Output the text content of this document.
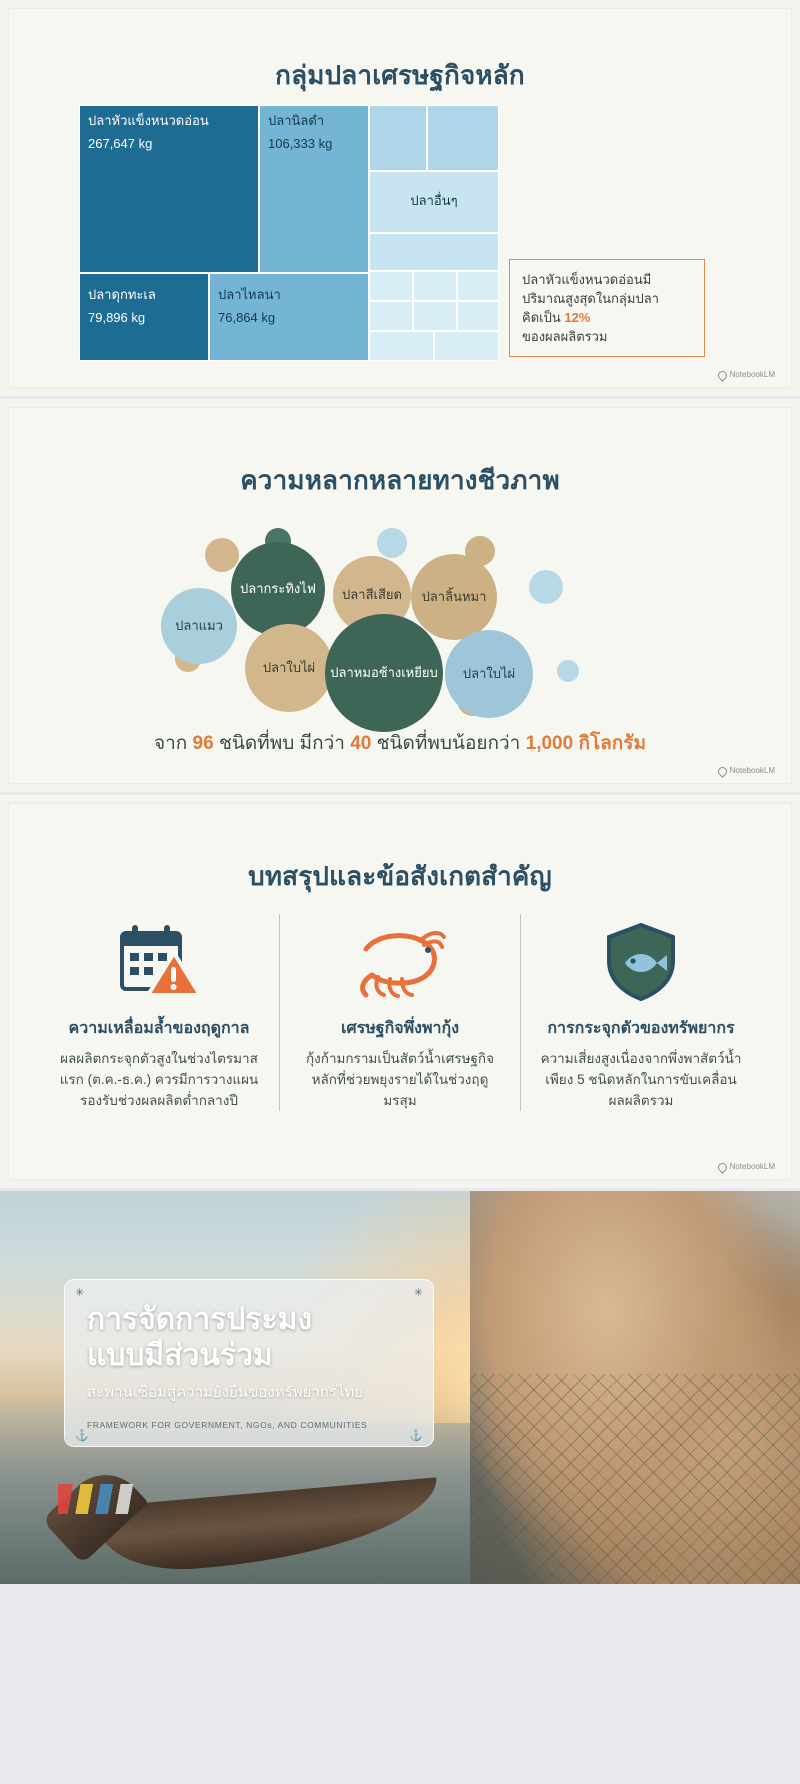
กลุ่มปลาเศรษฐกิจหลัก
ปลาหัวแข็งหนวดอ่อน
267,647 kg
ปลานิลดำ
106,333 kg
ปลาดุกทะเล
79,896 kg
ปลาไหลนา
76,864 kg
ปลาอื่นๆ
ปลาหัวแข็งหนวดอ่อนมี
ปริมาณสูงสุดในกลุ่มปลา
คิดเป็น 12%
ของผลผลิตรวม
NotebookLM
ความหลากหลายทางชีวภาพ
ปลากระทิงไฟ ปลาสีเสียด ปลาลิ้นหมา
ปลาแมว
ปลาใบไผ่ ปลาหมอช้างเหยียบ ปลาใบไผ่
จาก 96 ชนิดที่พบ มีกว่า 40 ชนิดที่พบน้อยกว่า 1,000 กิโลกรัม
NotebookLM
บทสรุปและข้อสังเกตสำคัญ
ความเหลื่อมล้ำของฤดูกาล
ผลผลิตกระจุกตัวสูงในช่วงไตรมาสแรก (ต.ค.-ธ.ค.) ควรมีการวางแผนรองรับช่วงผลผลิตต่ำกลางปี
เศรษฐกิจพึ่งพากุ้ง
กุ้งก้ามกรามเป็นสัตว์น้ำเศรษฐกิจหลักที่ช่วยพยุงรายได้ในช่วงฤดูมรสุม
การกระจุกตัวของทรัพยากร
ความเสี่ยงสูงเนื่องจากพึ่งพาสัตว์น้ำเพียง 5 ชนิดหลักในการขับเคลื่อนผลผลิตรวม
NotebookLM
✳	✳
⚓	⚓
การจัดการประมง
แบบมีส่วนร่วม
สะพานเชื่อมสู่ความยั่งยืนของทรัพยากรไทย
FRAMEWORK FOR GOVERNMENT, NGOs, AND COMMUNITIES
